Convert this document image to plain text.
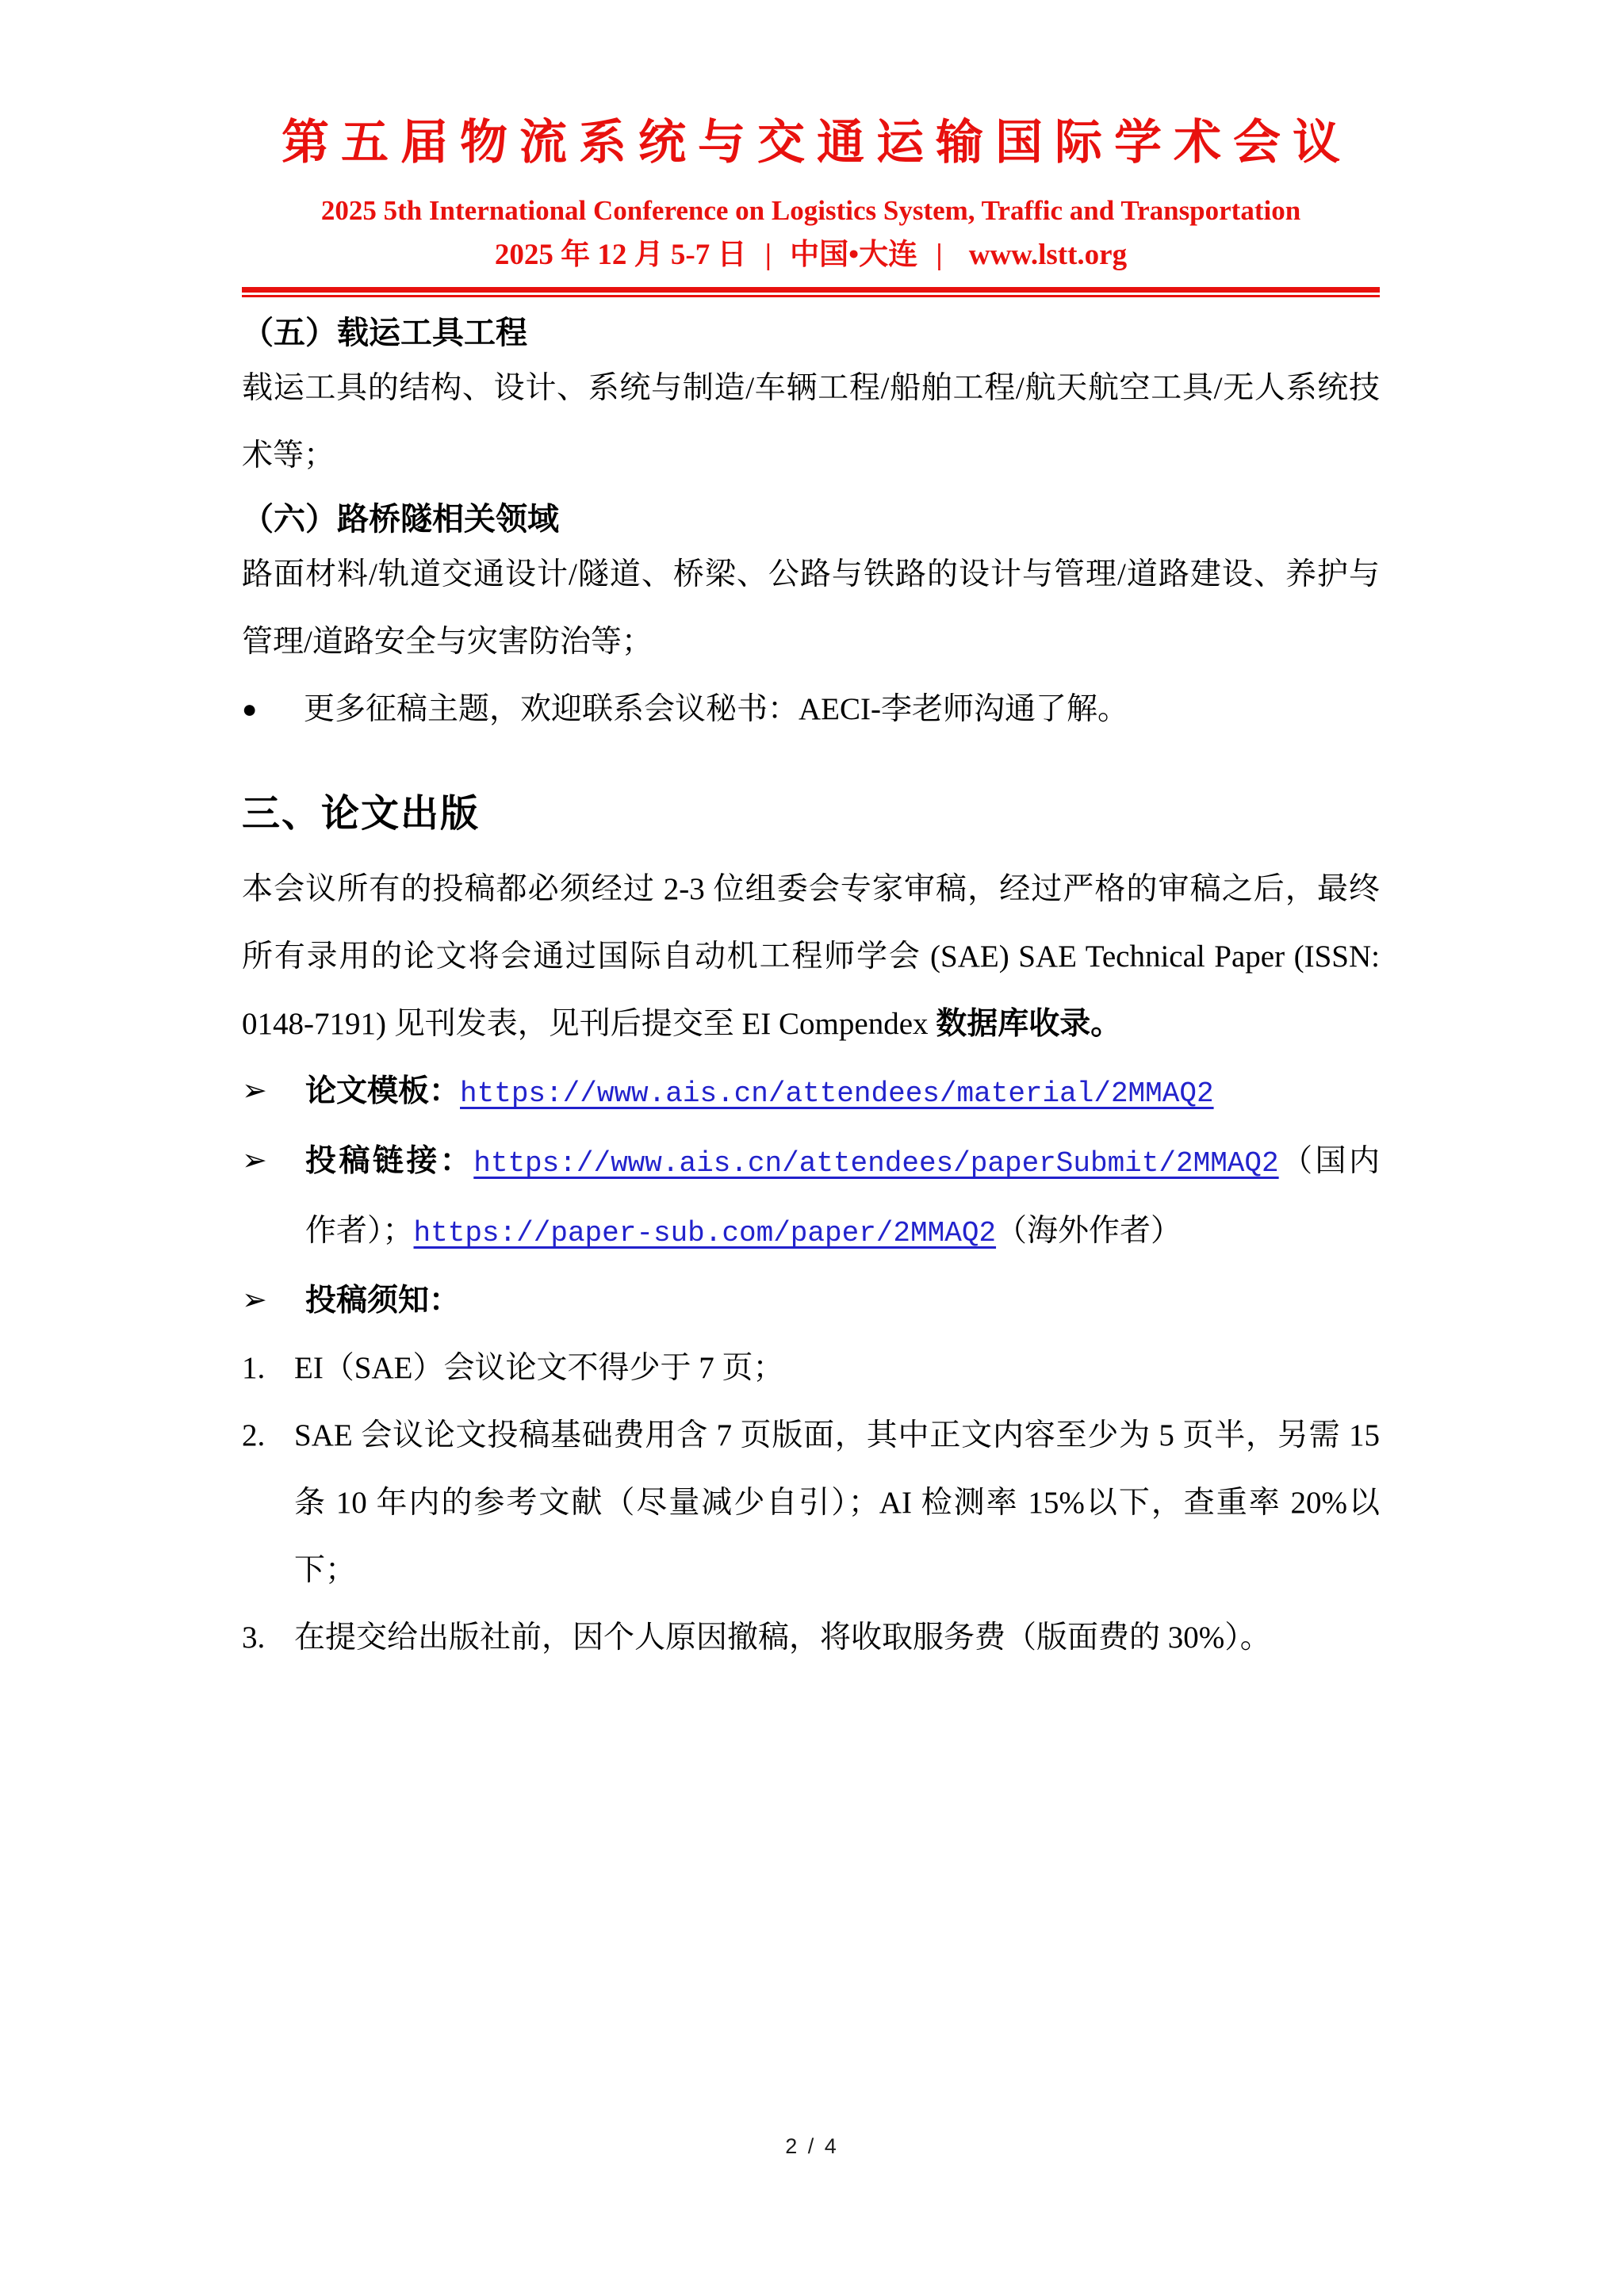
第五届物流系统与交通运输国际学术会议
2025 5th International Conference on Logistics System, Traffic and Transportation
2025 年 12 月 5-7 日 | 中国•大连 | www.lstt.org
（五）载运工具工程

载运工具的结构、设计、系统与制造/车辆工程/船舶工程/航天航空工具/无人系统技术等；

（六）路桥隧相关领域

路面材料/轨道交通设计/隧道、桥梁、公路与铁路的设计与管理/道路建设、养护与管理/道路安全与灾害防治等；

●	更多征稿主题，欢迎联系会议秘书：AECI-李老师沟通了解。
三、论文出版

本会议所有的投稿都必须经过 2-3 位组委会专家审稿，经过严格的审稿之后，最终所有录用的论文将会通过国际自动机工程师学会 (SAE) SAE Technical Paper (ISSN: 0148-7191) 见刊发表，见刊后提交至 EI Compendex 数据库收录。

➢	论文模板：https://www.ais.cn/attendees/material/2MMAQ2
➢	投稿链接：https://www.ais.cn/attendees/paperSubmit/2MMAQ2（国内作者）；https://paper-sub.com/paper/2MMAQ2（海外作者）
➢	投稿须知：
1. EI（SAE）会议论文不得少于 7 页；
2. SAE 会议论文投稿基础费用含 7 页版面，其中正文内容至少为 5 页半，另需 15 条 10 年内的参考文献（尽量减少自引）；AI 检测率 15%以下，查重率 20%以下；
3. 在提交给出版社前，因个人原因撤稿，将收取服务费（版面费的 30%）。
2 / 4
